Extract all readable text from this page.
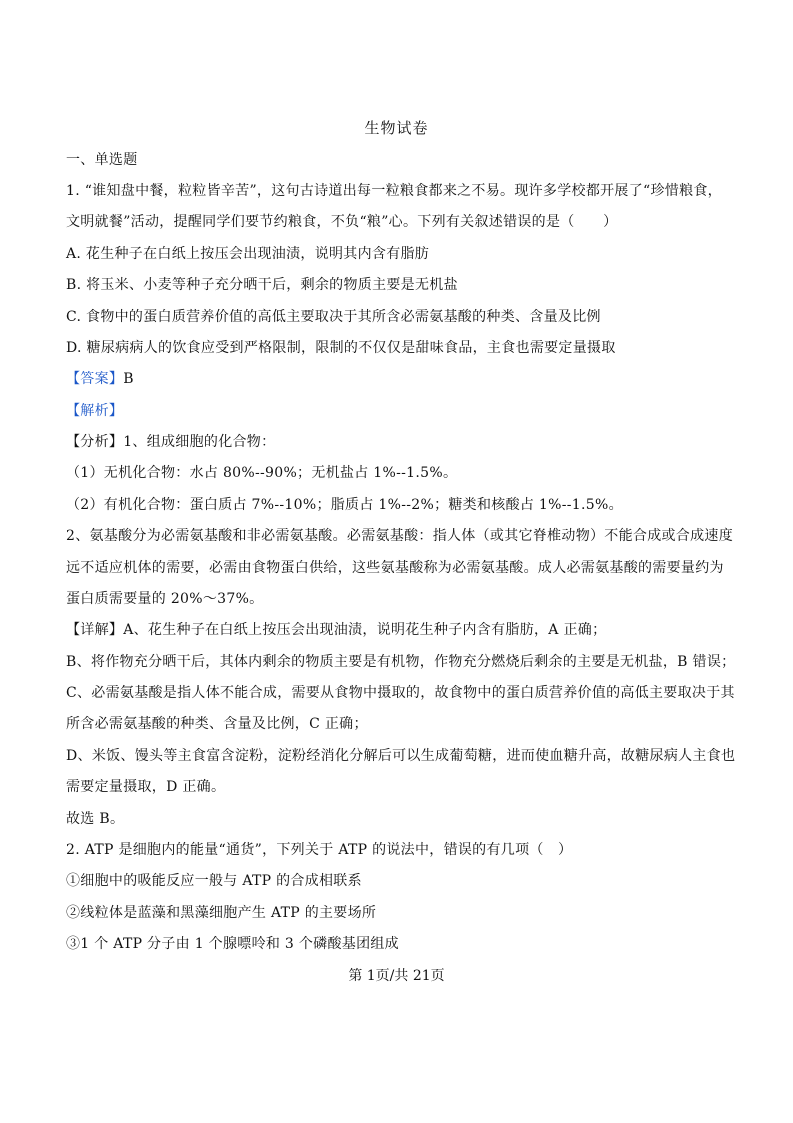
生物试卷
一、单选题
1. “谁知盘中餐，粒粒皆辛苦”，这句古诗道出每一粒粮食都来之不易。现许多学校都开展了“珍惜粮食，
文明就餐”活动，提醒同学们要节约粮食，不负“粮”心。下列有关叙述错误的是（　　）
A. 花生种子在白纸上按压会出现油渍，说明其内含有脂肪
B. 将玉米、小麦等种子充分晒干后，剩余的物质主要是无机盐
C. 食物中的蛋白质营养价值的高低主要取决于其所含必需氨基酸的种类、含量及比例
D. 糖尿病病人的饮食应受到严格限制，限制的不仅仅是甜味食品，主食也需要定量摄取
【答案】B
【解析】
【分析】1、组成细胞的化合物：
（1）无机化合物：水占 80%--90%；无机盐占 1%--1.5%。
（2）有机化合物：蛋白质占 7%--10%；脂质占 1%--2%；糖类和核酸占 1%--1.5%。
2、氨基酸分为必需氨基酸和非必需氨基酸。必需氨基酸：指人体（或其它脊椎动物）不能合成或合成速度
远不适应机体的需要，必需由食物蛋白供给，这些氨基酸称为必需氨基酸。成人必需氨基酸的需要量约为
蛋白质需要量的 20%～37%。
【详解】A、花生种子在白纸上按压会出现油渍，说明花生种子内含有脂肪，A 正确；
B、将作物充分晒干后，其体内剩余的物质主要是有机物，作物充分燃烧后剩余的主要是无机盐，B 错误；
C、必需氨基酸是指人体不能合成，需要从食物中摄取的，故食物中的蛋白质营养价值的高低主要取决于其
所含必需氨基酸的种类、含量及比例，C 正确；
D、米饭、馒头等主食富含淀粉，淀粉经消化分解后可以生成葡萄糖，进而使血糖升高，故糖尿病人主食也
需要定量摄取，D 正确。
故选 B。
2. ATP 是细胞内的能量“通货”，下列关于 ATP 的说法中，错误的有几项（　）
①细胞中的吸能反应一般与 ATP 的合成相联系
②线粒体是蓝藻和黑藻细胞产生 ATP 的主要场所
③1 个 ATP 分子由 1 个腺嘌呤和 3 个磷酸基团组成
第 1页/共 21页
